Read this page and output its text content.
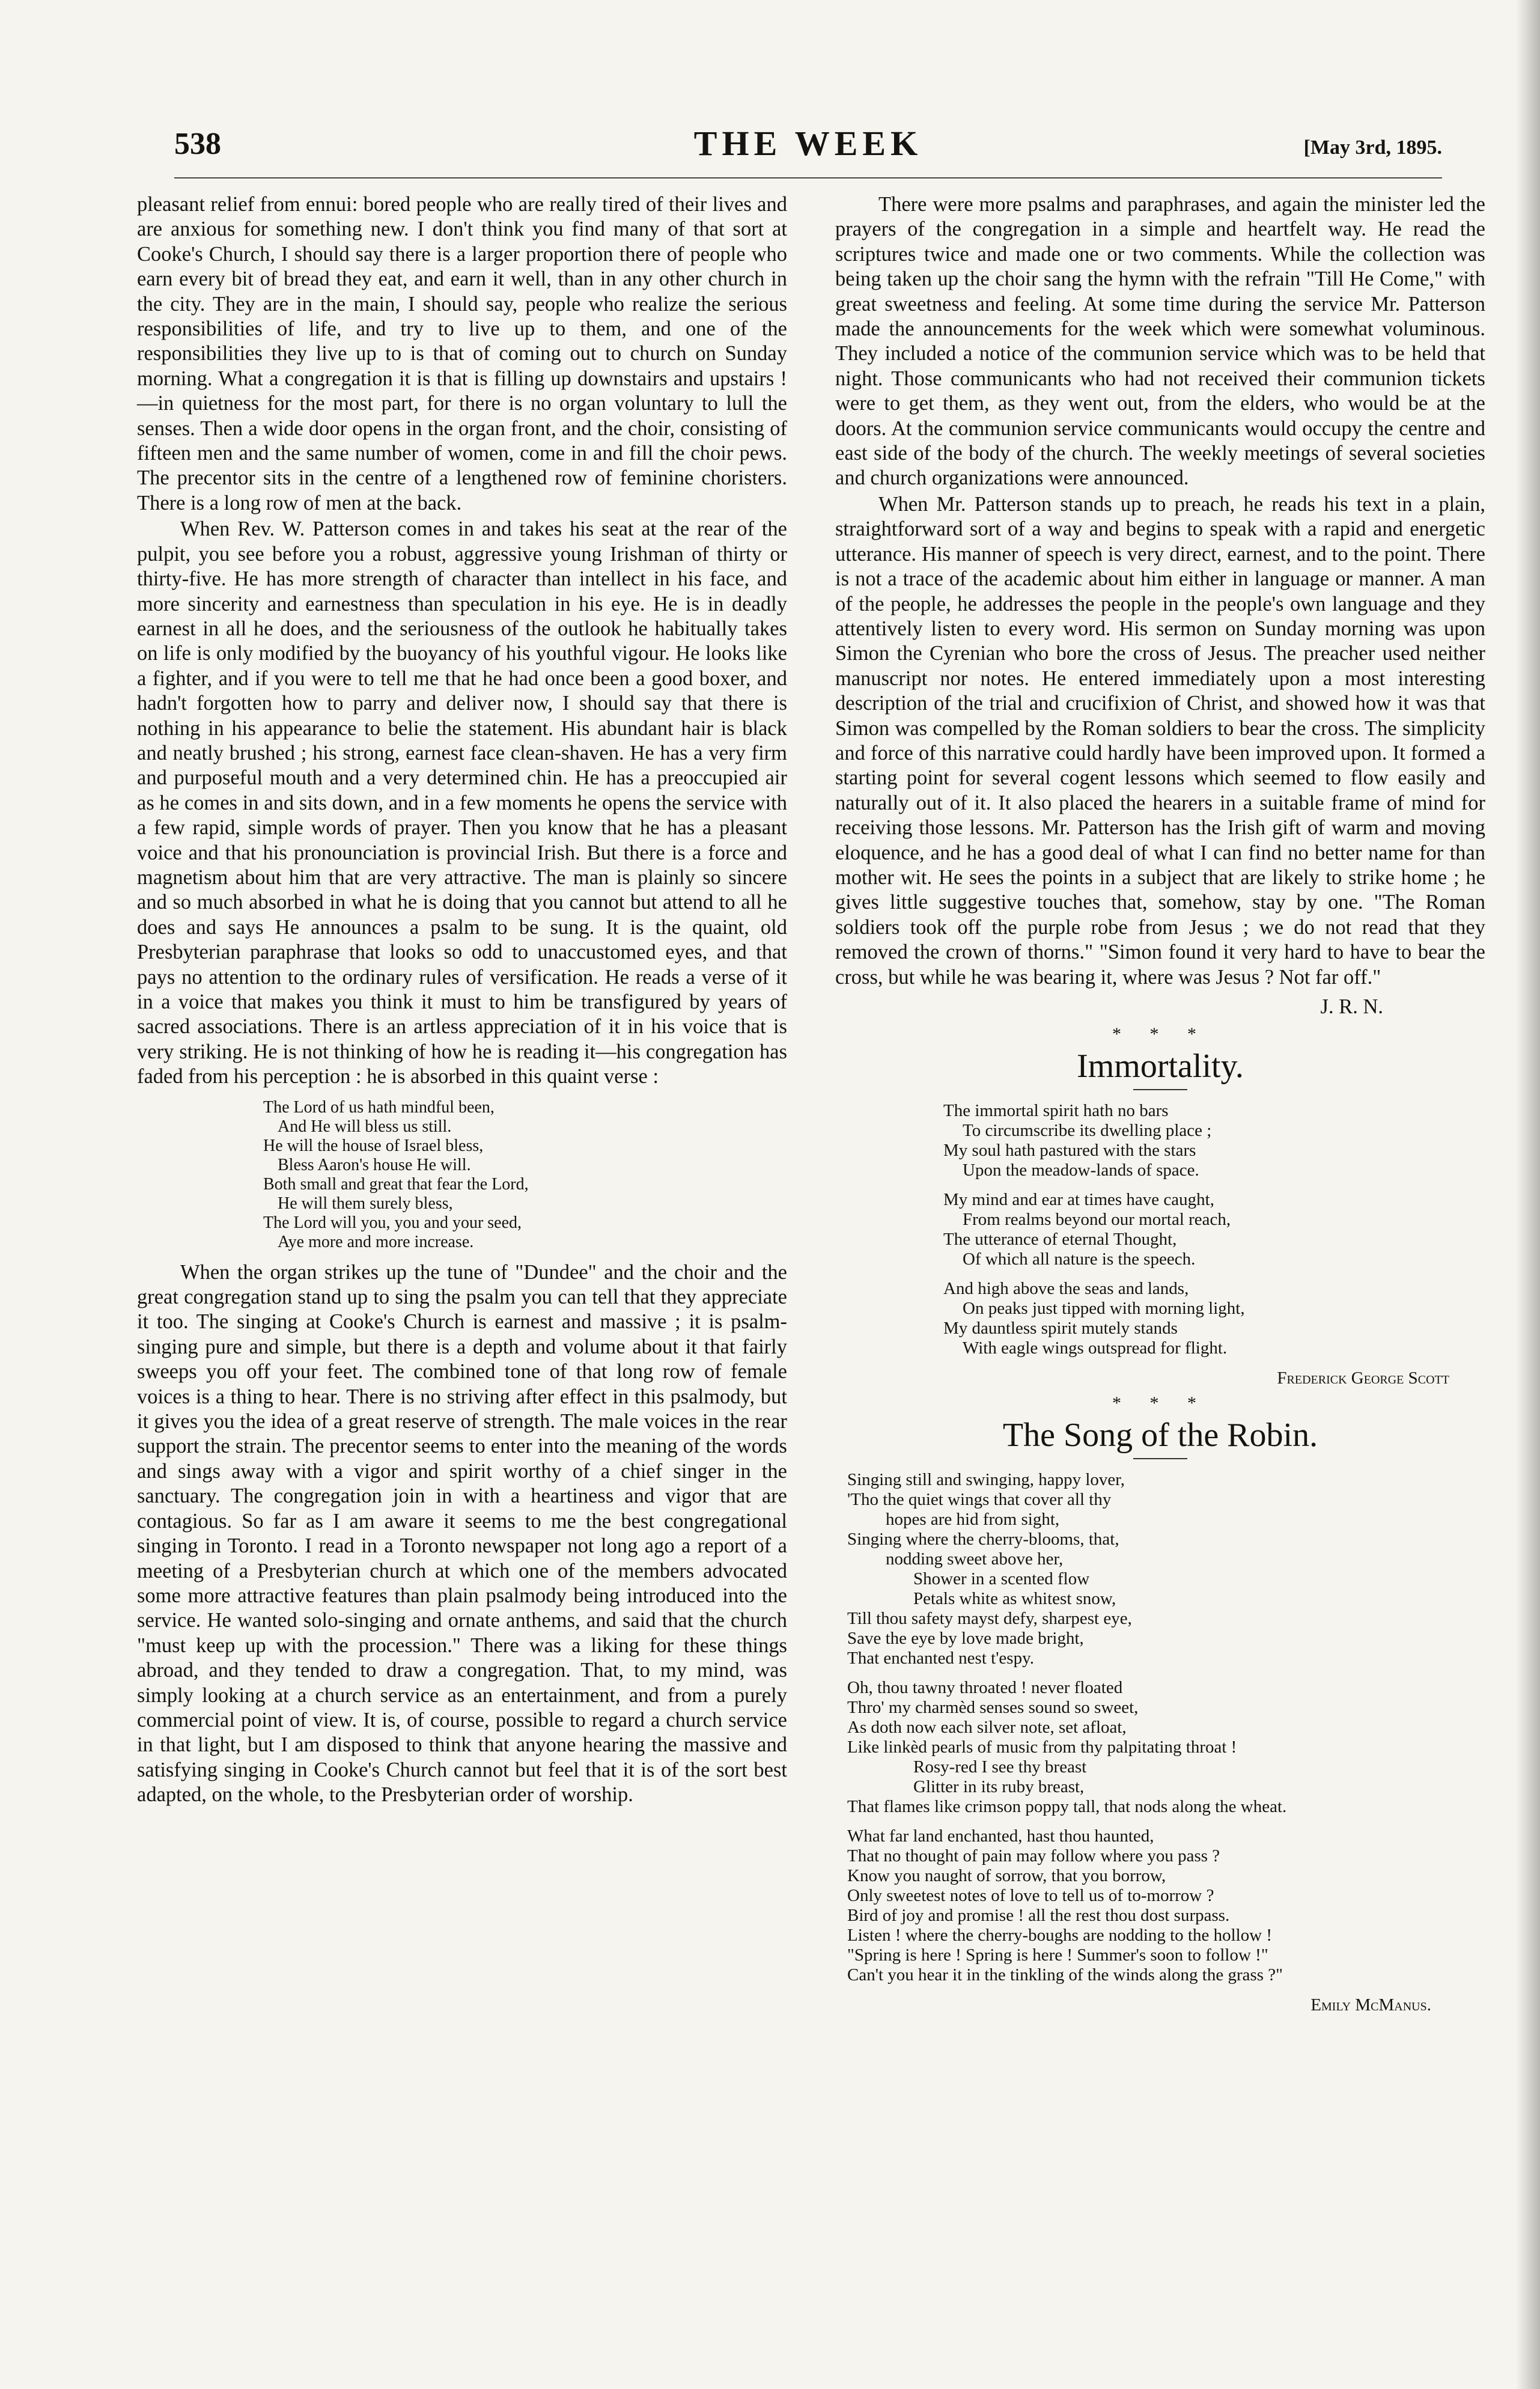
538	THE WEEK	[May 3rd, 1895.

pleasant relief from ennui: bored people who are really tired of their lives and are anxious for something new. I don't think you find many of that sort at Cooke's Church, I should say there is a larger proportion there of people who earn every bit of bread they eat, and earn it well, than in any other church in the city. They are in the main, I should say, people who realize the serious responsibilities of life, and try to live up to them, and one of the responsibilities they live up to is that of coming out to church on Sunday morning. What a congregation it is that is filling up downstairs and upstairs !—in quietness for the most part, for there is no organ voluntary to lull the senses. Then a wide door opens in the organ front, and the choir, consisting of fifteen men and the same number of women, come in and fill the choir pews. The precentor sits in the centre of a lengthened row of feminine choristers. There is a long row of men at the back.

When Rev. W. Patterson comes in and takes his seat at the rear of the pulpit, you see before you a robust, aggressive young Irishman of thirty or thirty-five. He has more strength of character than intellect in his face, and more sincerity and earnestness than speculation in his eye. He is in deadly earnest in all he does, and the seriousness of the outlook he habitually takes on life is only modified by the buoyancy of his youthful vigour. He looks like a fighter, and if you were to tell me that he had once been a good boxer, and hadn't forgotten how to parry and deliver now, I should say that there is nothing in his appearance to belie the statement. His abundant hair is black and neatly brushed ; his strong, earnest face clean-shaven. He has a very firm and purposeful mouth and a very determined chin. He has a preoccupied air as he comes in and sits down, and in a few moments he opens the service with a few rapid, simple words of prayer. Then you know that he has a pleasant voice and that his pronounciation is provincial Irish. But there is a force and magnetism about him that are very attractive. The man is plainly so sincere and so much absorbed in what he is doing that you cannot but attend to all he does and says He announces a psalm to be sung. It is the quaint, old Presbyterian paraphrase that looks so odd to unaccustomed eyes, and that pays no attention to the ordinary rules of versification. He reads a verse of it in a voice that makes you think it must to him be transfigured by years of sacred associations. There is an artless appreciation of it in his voice that is very striking. He is not thinking of how he is reading it—his congregation has faded from his perception : he is absorbed in this quaint verse :

The Lord of us hath mindful been,
And He will bless us still.
He will the house of Israel bless,
Bless Aaron's house He will.
Both small and great that fear the Lord,
He will them surely bless,
The Lord will you, you and your seed,
Aye more and more increase.

When the organ strikes up the tune of "Dundee" and the choir and the great congregation stand up to sing the psalm you can tell that they appreciate it too. The singing at Cooke's Church is earnest and massive ; it is psalm-singing pure and simple, but there is a depth and volume about it that fairly sweeps you off your feet. The combined tone of that long row of female voices is a thing to hear. There is no striving after effect in this psalmody, but it gives you the idea of a great reserve of strength. The male voices in the rear support the strain. The precentor seems to enter into the meaning of the words and sings away with a vigor and spirit worthy of a chief singer in the sanctuary. The congregation join in with a heartiness and vigor that are contagious. So far as I am aware it seems to me the best congregational singing in Toronto. I read in a Toronto newspaper not long ago a report of a meeting of a Presbyterian church at which one of the members advocated some more attractive features than plain psalmody being introduced into the service. He wanted solo-singing and ornate anthems, and said that the church "must keep up with the procession." There was a liking for these things abroad, and they tended to draw a congregation. That, to my mind, was simply looking at a church service as an entertainment, and from a purely commercial point of view. It is, of course, possible to regard a church service in that light, but I am disposed to think that anyone hearing the massive and satisfying singing in Cooke's Church cannot but feel that it is of the sort best adapted, on the whole, to the Presbyterian order of worship.

There were more psalms and paraphrases, and again the minister led the prayers of the congregation in a simple and heartfelt way. He read the scriptures twice and made one or two comments. While the collection was being taken up the choir sang the hymn with the refrain "Till He Come," with great sweetness and feeling. At some time during the service Mr. Patterson made the announcements for the week which were somewhat voluminous. They included a notice of the communion service which was to be held that night. Those communicants who had not received their communion tickets were to get them, as they went out, from the elders, who would be at the doors. At the communion service communicants would occupy the centre and east side of the body of the church. The weekly meetings of several societies and church organizations were announced.

When Mr. Patterson stands up to preach, he reads his text in a plain, straightforward sort of a way and begins to speak with a rapid and energetic utterance. His manner of speech is very direct, earnest, and to the point. There is not a trace of the academic about him either in language or manner. A man of the people, he addresses the people in the people's own language and they attentively listen to every word. His sermon on Sunday morning was upon Simon the Cyrenian who bore the cross of Jesus. The preacher used neither manuscript nor notes. He entered immediately upon a most interesting description of the trial and crucifixion of Christ, and showed how it was that Simon was compelled by the Roman soldiers to bear the cross. The simplicity and force of this narrative could hardly have been improved upon. It formed a starting point for several cogent lessons which seemed to flow easily and naturally out of it. It also placed the hearers in a suitable frame of mind for receiving those lessons. Mr. Patterson has the Irish gift of warm and moving eloquence, and he has a good deal of what I can find no better name for than mother wit. He sees the points in a subject that are likely to strike home ; he gives little suggestive touches that, somehow, stay by one. "The Roman soldiers took off the purple robe from Jesus ; we do not read that they removed the crown of thorns." "Simon found it very hard to have to bear the cross, but while he was bearing it, where was Jesus ? Not far off."

J. R. N.
* * *
Immortality.
The immortal spirit hath no bars
To circumscribe its dwelling place ;
My soul hath pastured with the stars
Upon the meadow-lands of space.
My mind and ear at times have caught,
From realms beyond our mortal reach,
The utterance of eternal Thought,
Of which all nature is the speech.
And high above the seas and lands,
On peaks just tipped with morning light,
My dauntless spirit mutely stands
With eagle wings outspread for flight.
Frederick George Scott
* * *
The Song of the Robin.
Singing still and swinging, happy lover,
'Tho the quiet wings that cover all thy
hopes are hid from sight,
Singing where the cherry-blooms, that,
nodding sweet above her,
Shower in a scented flow
Petals white as whitest snow,
Till thou safety mayst defy, sharpest eye,
Save the eye by love made bright,
That enchanted nest t'espy.
Oh, thou tawny throated ! never floated
Thro' my charmèd senses sound so sweet,
As doth now each silver note, set afloat,
Like linkèd pearls of music from thy palpitating throat !
Rosy-red I see thy breast
Glitter in its ruby breast,
That flames like crimson poppy tall, that nods along the wheat.
What far land enchanted, hast thou haunted,
That no thought of pain may follow where you pass ?
Know you naught of sorrow, that you borrow,
Only sweetest notes of love to tell us of to-morrow ?
Bird of joy and promise ! all the rest thou dost surpass.
Listen ! where the cherry-boughs are nodding to the hollow !
"Spring is here ! Spring is here ! Summer's soon to follow !"
Can't you hear it in the tinkling of the winds along the grass ?"
Emily McManus.
